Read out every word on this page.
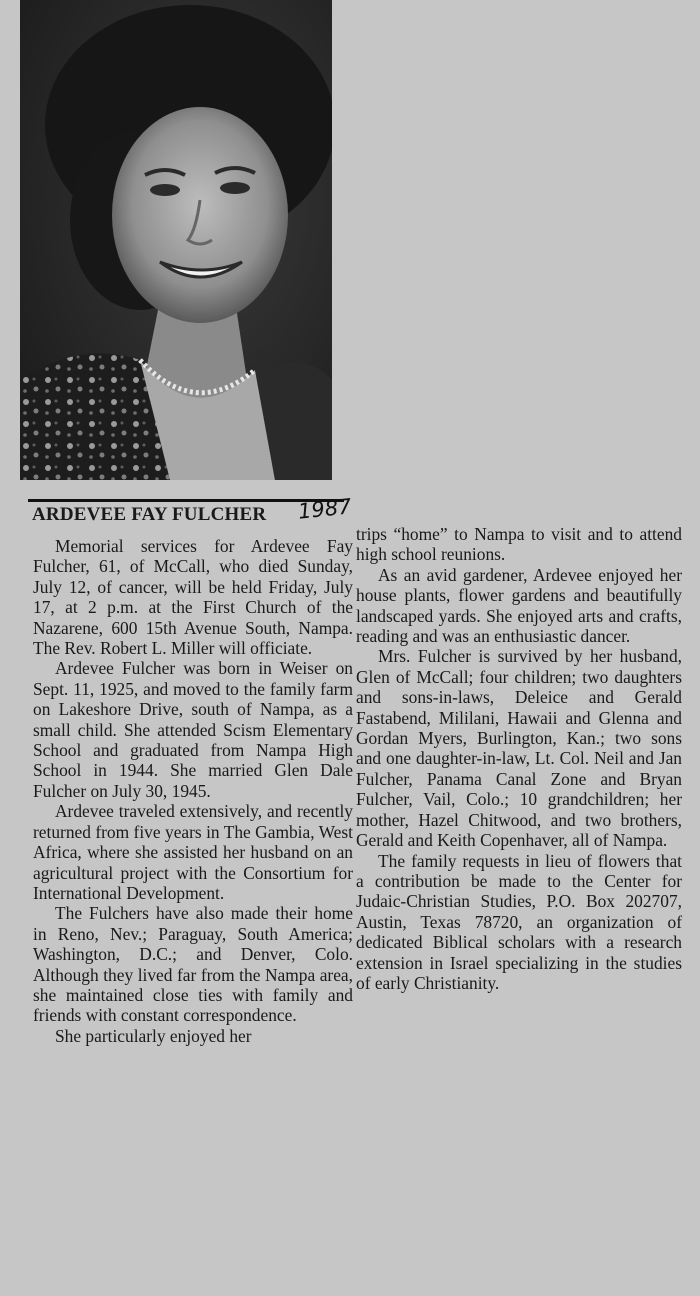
ARDEVEE FAY FULCHER 1987

Memorial services for Ardevee Fay Fulcher, 61, of McCall, who died Sunday, July 12, of cancer, will be held Friday, July 17, at 2 p.m. at the First Church of the Nazarene, 600 15th Avenue South, Nampa. The Rev. Robert L. Miller will officiate.

Ardevee Fulcher was born in Weiser on Sept. 11, 1925, and moved to the family farm on Lakeshore Drive, south of Nampa, as a small child. She attended Scism Elementary School and graduated from Nampa High School in 1944. She married Glen Dale Fulcher on July 30, 1945.

Ardevee traveled extensively, and recently returned from five years in The Gambia, West Africa, where she assisted her husband on an agricultural project with the Consortium for International Development.

The Fulchers have also made their home in Reno, Nev.; Paraguay, South America; Washington, D.C.; and Denver, Colo. Although they lived far from the Nampa area, she maintained close ties with family and friends with constant correspondence.

She particularly enjoyed her

trips “home” to Nampa to visit and to attend high school reunions.

As an avid gardener, Ardevee enjoyed her house plants, flower gardens and beautifully landscaped yards. She enjoyed arts and crafts, reading and was an enthusiastic dancer.

Mrs. Fulcher is survived by her husband, Glen of McCall; four children; two daughters and sons-in-laws, Deleice and Gerald Fastabend, Mililani, Hawaii and Glenna and Gordan Myers, Burlington, Kan.; two sons and one daughter-in-law, Lt. Col. Neil and Jan Fulcher, Panama Canal Zone and Bryan Fulcher, Vail, Colo.; 10 grandchildren; her mother, Hazel Chitwood, and two brothers, Gerald and Keith Copenhaver, all of Nampa.

The family requests in lieu of flowers that a contribution be made to the Center for Judaic-Christian Studies, P.O. Box 202707, Austin, Texas 78720, an organization of dedicated Biblical scholars with a research extension in Israel specializing in the studies of early Christianity.
